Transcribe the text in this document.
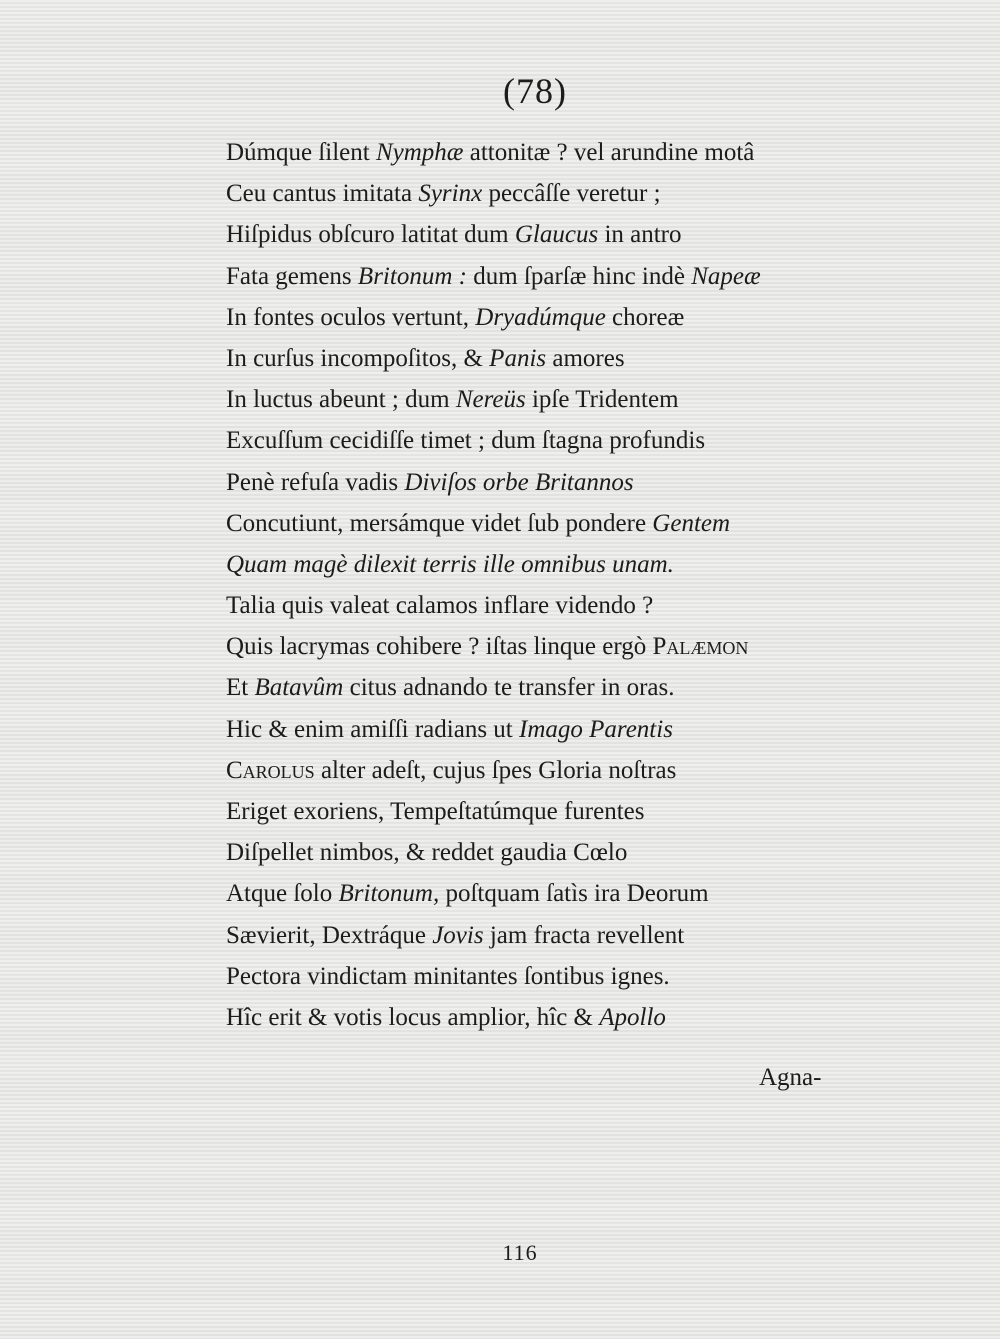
(78)
Dúmque ſilent Nymphæ attonitæ ? vel arundine motâ
Ceu cantus imitata Syrinx peccâſſe veretur ;
Hiſpidus obſcuro latitat dum Glaucus in antro
Fata gemens Britonum : dum ſparſæ hinc indè Napeæ
In fontes oculos vertunt, Dryadúmque choreæ
In curſus incompoſitos, & Panis amores
In luctus abeunt ; dum Nereüs ipſe Tridentem
Excuſſum cecidiſſe timet ; dum ſtagna profundis
Penè refuſa vadis Diviſos orbe Britannos
Concutiunt, mersámque videt ſub pondere Gentem
Quam magè dilexit terris ille omnibus unam.
Talia quis valeat calamos inflare videndo ?
Quis lacrymas cohibere ? iſtas linque ergò Palæmon
Et Batavûm citus adnando te transfer in oras.
Hic & enim amiſſi radians ut Imago Parentis
Carolus alter adeſt, cujus ſpes Gloria noſtras
Eriget exoriens, Tempeſtatúmque furentes
Diſpellet nimbos, & reddet gaudia Cœlo
Atque ſolo Britonum, poſtquam ſatìs ira Deorum
Sævierit, Dextráque Jovis jam fracta revellent
Pectora vindictam minitantes ſontibus ignes.
Hîc erit & votis locus amplior, hîc & Apollo
Agna-
116
